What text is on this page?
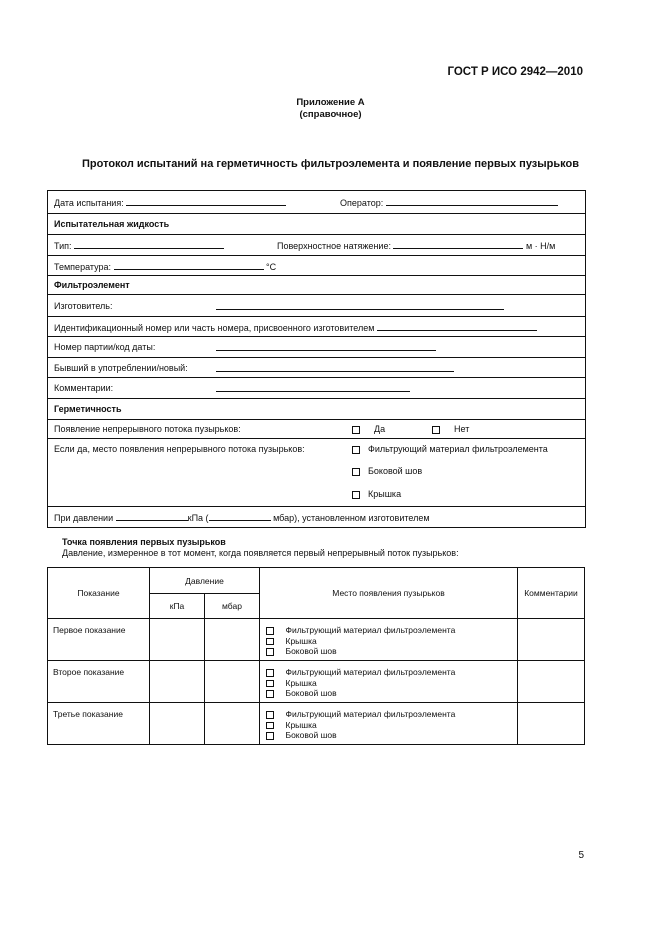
ГОСТ Р ИСО 2942—2010
Приложение А
(справочное)
Протокол испытаний на герметичность фильтроэлемента и появление первых пузырьков
Дата испытания:	Оператор:
Испытательная жидкость
Тип:	Поверхностное натяжение:	м · Н/м
Температура:	°С
Фильтроэлемент
Изготовитель:
Идентификационный номер или часть номера, присвоенного изготовителем
Номер партии/код даты:
Бывший в употреблении/новый:
Комментарии:
Герметичность
Появление непрерывного потока пузырьков:	Да	Нет
Если да, место появления непрерывного потока пузырьков:	Фильтрующий материал фильтроэлемента
Боковой шов
Крышка
При давлении	кПа (	мбар), установленном изготовителем
Точка появления первых пузырьков
Давление, измеренное в тот момент, когда появляется первый непрерывный поток пузырьков:
Показание	Давление		Место появления пузырьков	Комментарии
	кПа	мбар		
Первое показание			Фильтрующий материал фильтроэлемента
Крышка
Боковой шов	

Второе показание			Фильтрующий материал фильтроэлемента
Крышка
Боковой шов	

Третье показание			Фильтрующий материал фильтроэлемента
Крышка
Боковой шов	

5
